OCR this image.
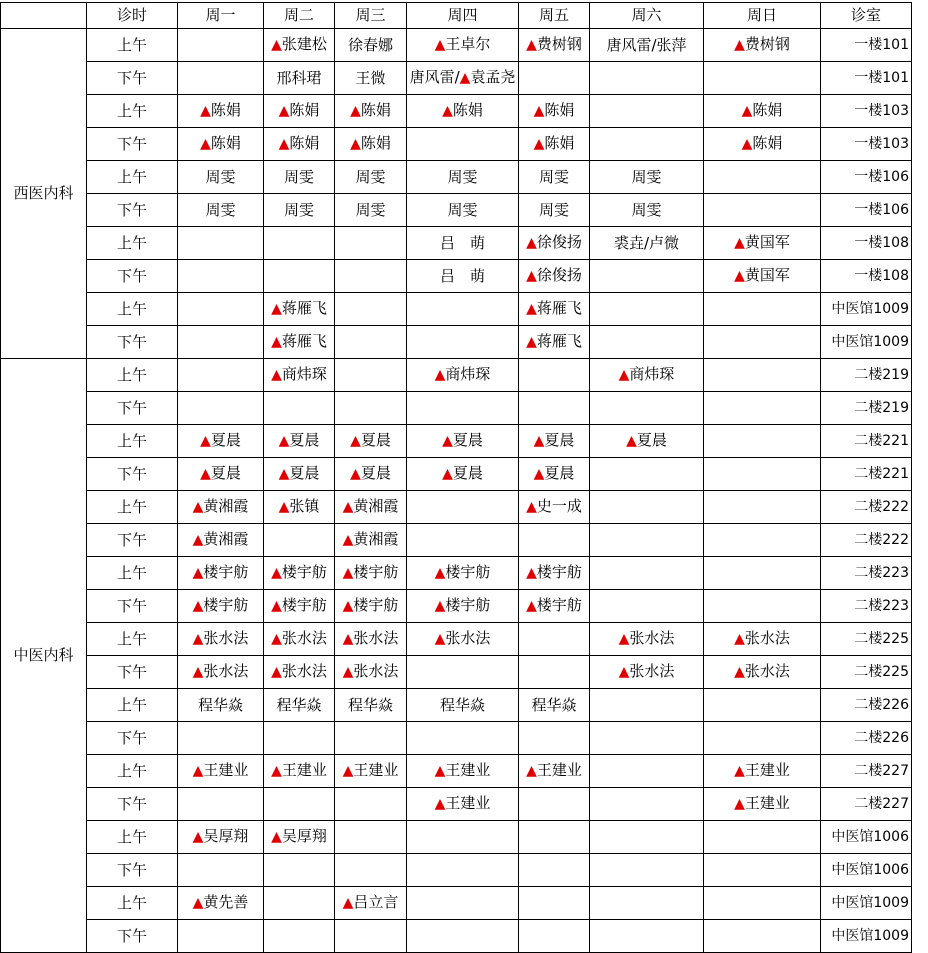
	诊时	周一	周二	周三	周四	周五	周六	周日	诊室
西医内科	上午		▲张建松	徐春娜	▲王卓尔	▲费树钢	唐风雷/张萍	▲费树钢	一楼101
	下午		邢科珺	王微	唐风雷/▲袁孟尧				一楼101
	上午	▲陈娟	▲陈娟	▲陈娟	▲陈娟	▲陈娟		▲陈娟	一楼103
	下午	▲陈娟	▲陈娟	▲陈娟		▲陈娟		▲陈娟	一楼103
	上午	周雯	周雯	周雯	周雯	周雯	周雯		一楼106
	下午	周雯	周雯	周雯	周雯	周雯	周雯		一楼106
	上午				吕　萌	▲徐俊扬	裘垚/卢微	▲黄国军	一楼108
	下午				吕　萌	▲徐俊扬		▲黄国军	一楼108
	上午		▲蒋雁飞			▲蒋雁飞			中医馆1009
	下午		▲蒋雁飞			▲蒋雁飞			中医馆1009
中医内科	上午		▲商炜琛		▲商炜琛		▲商炜琛		二楼219
	下午								二楼219
	上午	▲夏晨	▲夏晨	▲夏晨	▲夏晨	▲夏晨	▲夏晨		二楼221
	下午	▲夏晨	▲夏晨	▲夏晨	▲夏晨	▲夏晨			二楼221
	上午	▲黄湘霞	▲张镇	▲黄湘霞		▲史一成			二楼222
	下午	▲黄湘霞		▲黄湘霞					二楼222
	上午	▲楼宇舫	▲楼宇舫	▲楼宇舫	▲楼宇舫	▲楼宇舫			二楼223
	下午	▲楼宇舫	▲楼宇舫	▲楼宇舫	▲楼宇舫	▲楼宇舫			二楼223
	上午	▲张水法	▲张水法	▲张水法	▲张水法		▲张水法	▲张水法	二楼225
	下午	▲张水法	▲张水法	▲张水法			▲张水法	▲张水法	二楼225
	上午	程华焱	程华焱	程华焱	程华焱	程华焱			二楼226
	下午								二楼226
	上午	▲王建业	▲王建业	▲王建业	▲王建业	▲王建业		▲王建业	二楼227
	下午				▲王建业			▲王建业	二楼227
	上午	▲吴厚翔	▲吴厚翔						中医馆1006
	下午								中医馆1006
	上午	▲黄先善		▲吕立言					中医馆1009
	下午								中医馆1009
